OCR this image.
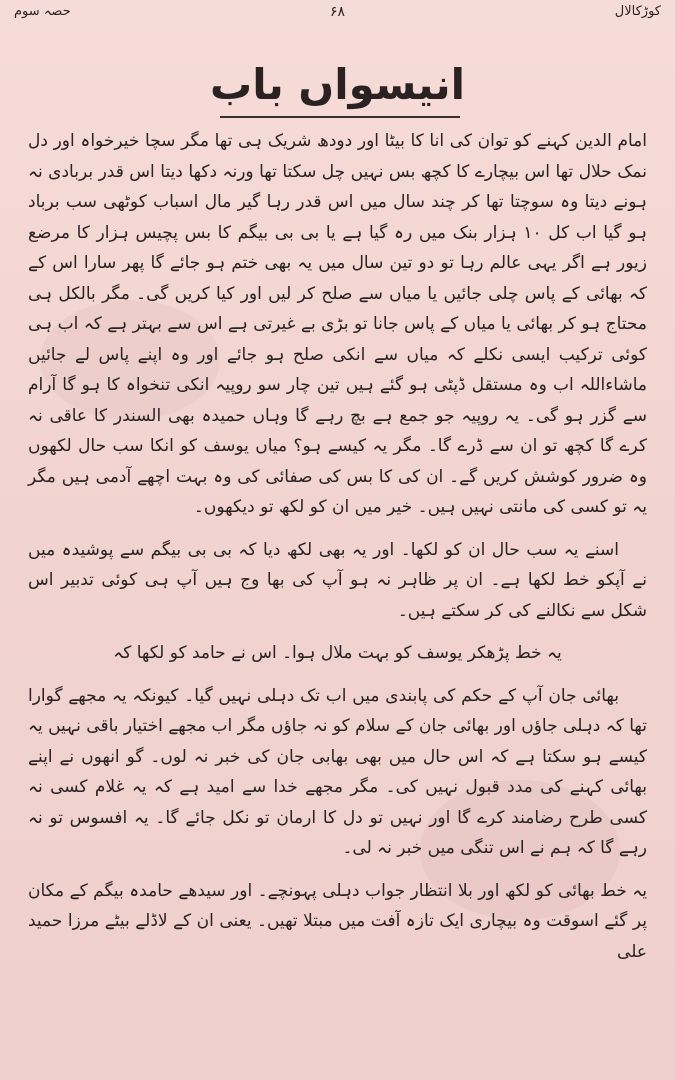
حصہ سوم	۶۸	کوڑکالال
انیسواں باب

امام الدین کہنے کو توان کی انا کا بیٹا اور دودھ شریک ہی تھا مگر سچا خیرخواہ اور دل نمک حلال تھا اس بیچارے کا کچھ بس نہیں چل سکتا تھا ورنہ دکھا دیتا اس قدر بربادی نہ ہونے دیتا وہ سوچتا تھا کر چند سال میں اس قدر رہا گیر مال اسباب کوٹھی سب برباد ہو گیا اب کل ۱۰ ہزار بنک میں رہ گیا ہے یا بی بی بیگم کا بس پچیس ہزار کا مرضع زیور ہے اگر یہی عالم رہا تو دو تین سال میں یہ بھی ختم ہو جائے گا پھر سارا اس کے کہ بھائی کے پاس چلی جائیں یا میاں سے صلح کر لیں اور کیا کریں گی۔ مگر بالکل ہی محتاج ہو کر بھائی یا میاں کے پاس جانا تو بڑی بے غیرتی ہے اس سے بہتر ہے کہ اب ہی کوئی ترکیب ایسی نکلے کہ میاں سے انکی صلح ہو جائے اور وہ اپنے پاس لے جائیں ماشاءاللہ اب وہ مستقل ڈپٹی ہو گئے ہیں تین چار سو روپیہ انکی تنخواہ کا ہو گا آرام سے گزر ہو گی۔ یہ روپیہ جو جمع ہے بچ رہے گا وہاں حمیدہ بھی السندر کا عاقی نہ کرے گا کچھ تو ان سے ڈرے گا۔ مگر یہ کیسے ہو؟ میاں یوسف کو انکا سب حال لکھوں وہ ضرور کوشش کریں گے۔ ان کی کا بس کی صفائی کی وہ بہت اچھے آدمی ہیں مگر یہ تو کسی کی مانتی نہیں ہیں۔ خیر میں ان کو لکھ تو دیکھوں۔

اسنے یہ سب حال ان کو لکھا۔ اور یہ بھی لکھ دیا کہ بی بی بیگم سے پوشیدہ میں نے آپکو خط لکھا ہے۔ ان پر ظاہر نہ ہو آپ کی بھا وج ہیں آپ ہی کوئی تدبیر اس شکل سے نکالنے کی کر سکتے ہیں۔

یہ خط پڑھکر یوسف کو بہت ملال ہوا۔ اس نے حامد کو لکھا کہ

بھائی جان آپ کے حکم کی پابندی میں اب تک دہلی نہیں گیا۔ کیونکہ یہ مجھے گوارا تھا کہ دہلی جاؤں اور بھائی جان کے سلام کو نہ جاؤں مگر اب مجھے اختیار باقی نہیں یہ کیسے ہو سکتا ہے کہ اس حال میں بھی بھابی جان کی خبر نہ لوں۔ گو انھوں نے اپنے بھائی کہنے کی مدد قبول نہیں کی۔ مگر مجھے خدا سے امید ہے کہ یہ غلام کسی نہ کسی طرح رضامند کرے گا اور نہیں تو دل کا ارمان تو نکل جائے گا۔ یہ افسوس تو نہ رہے گا کہ ہم نے اس تنگی میں خبر نہ لی۔

یہ خط بھائی کو لکھ اور بلا انتظار جواب دہلی پہونچے۔ اور سیدھے حامدہ بیگم کے مکان پر گئے اسوقت وہ بیچاری ایک تازہ آفت میں مبتلا تھیں۔ یعنی ان کے لاڈلے بیٹے مرزا حمید علی
